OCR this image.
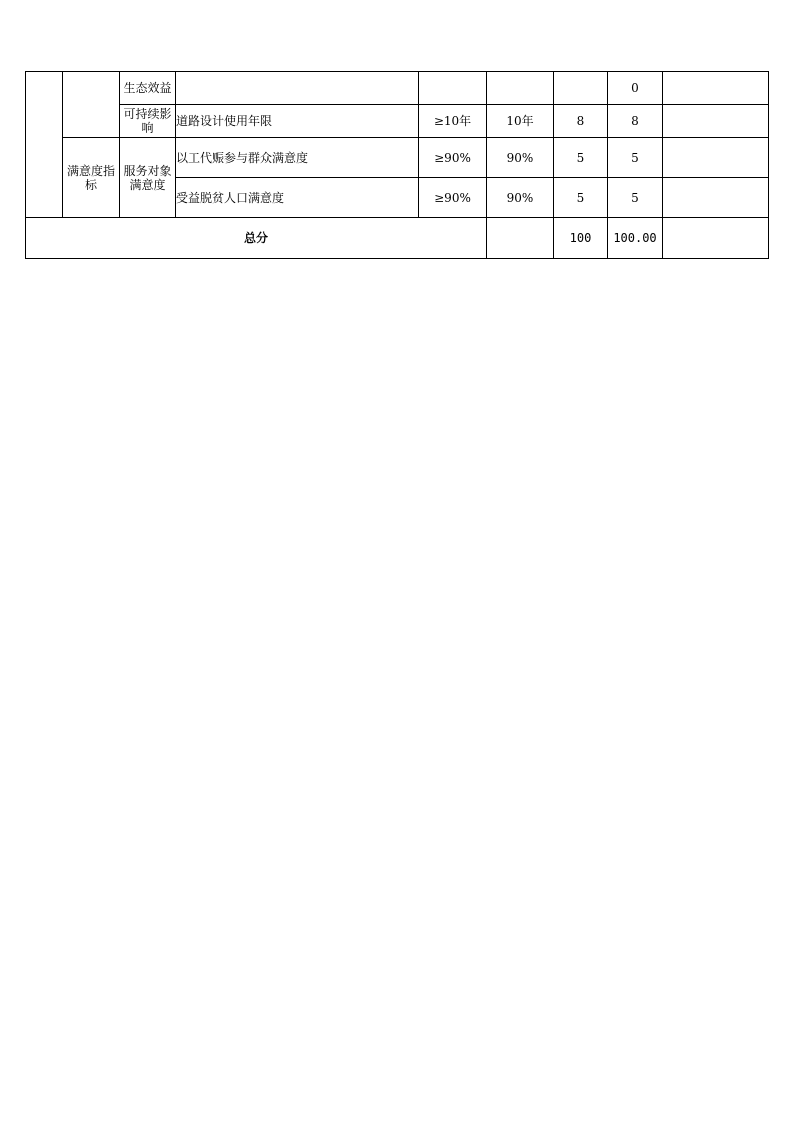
		生态效益					0	
		可持续影响	道路设计使用年限	≥10年	10年	8	8	
	满意度指标	服务对象满意度	以工代赈参与群众满意度	≥90%	90%	5	5	
			受益脱贫人口满意度	≥90%	90%	5	5	
总分						100	100.00	
